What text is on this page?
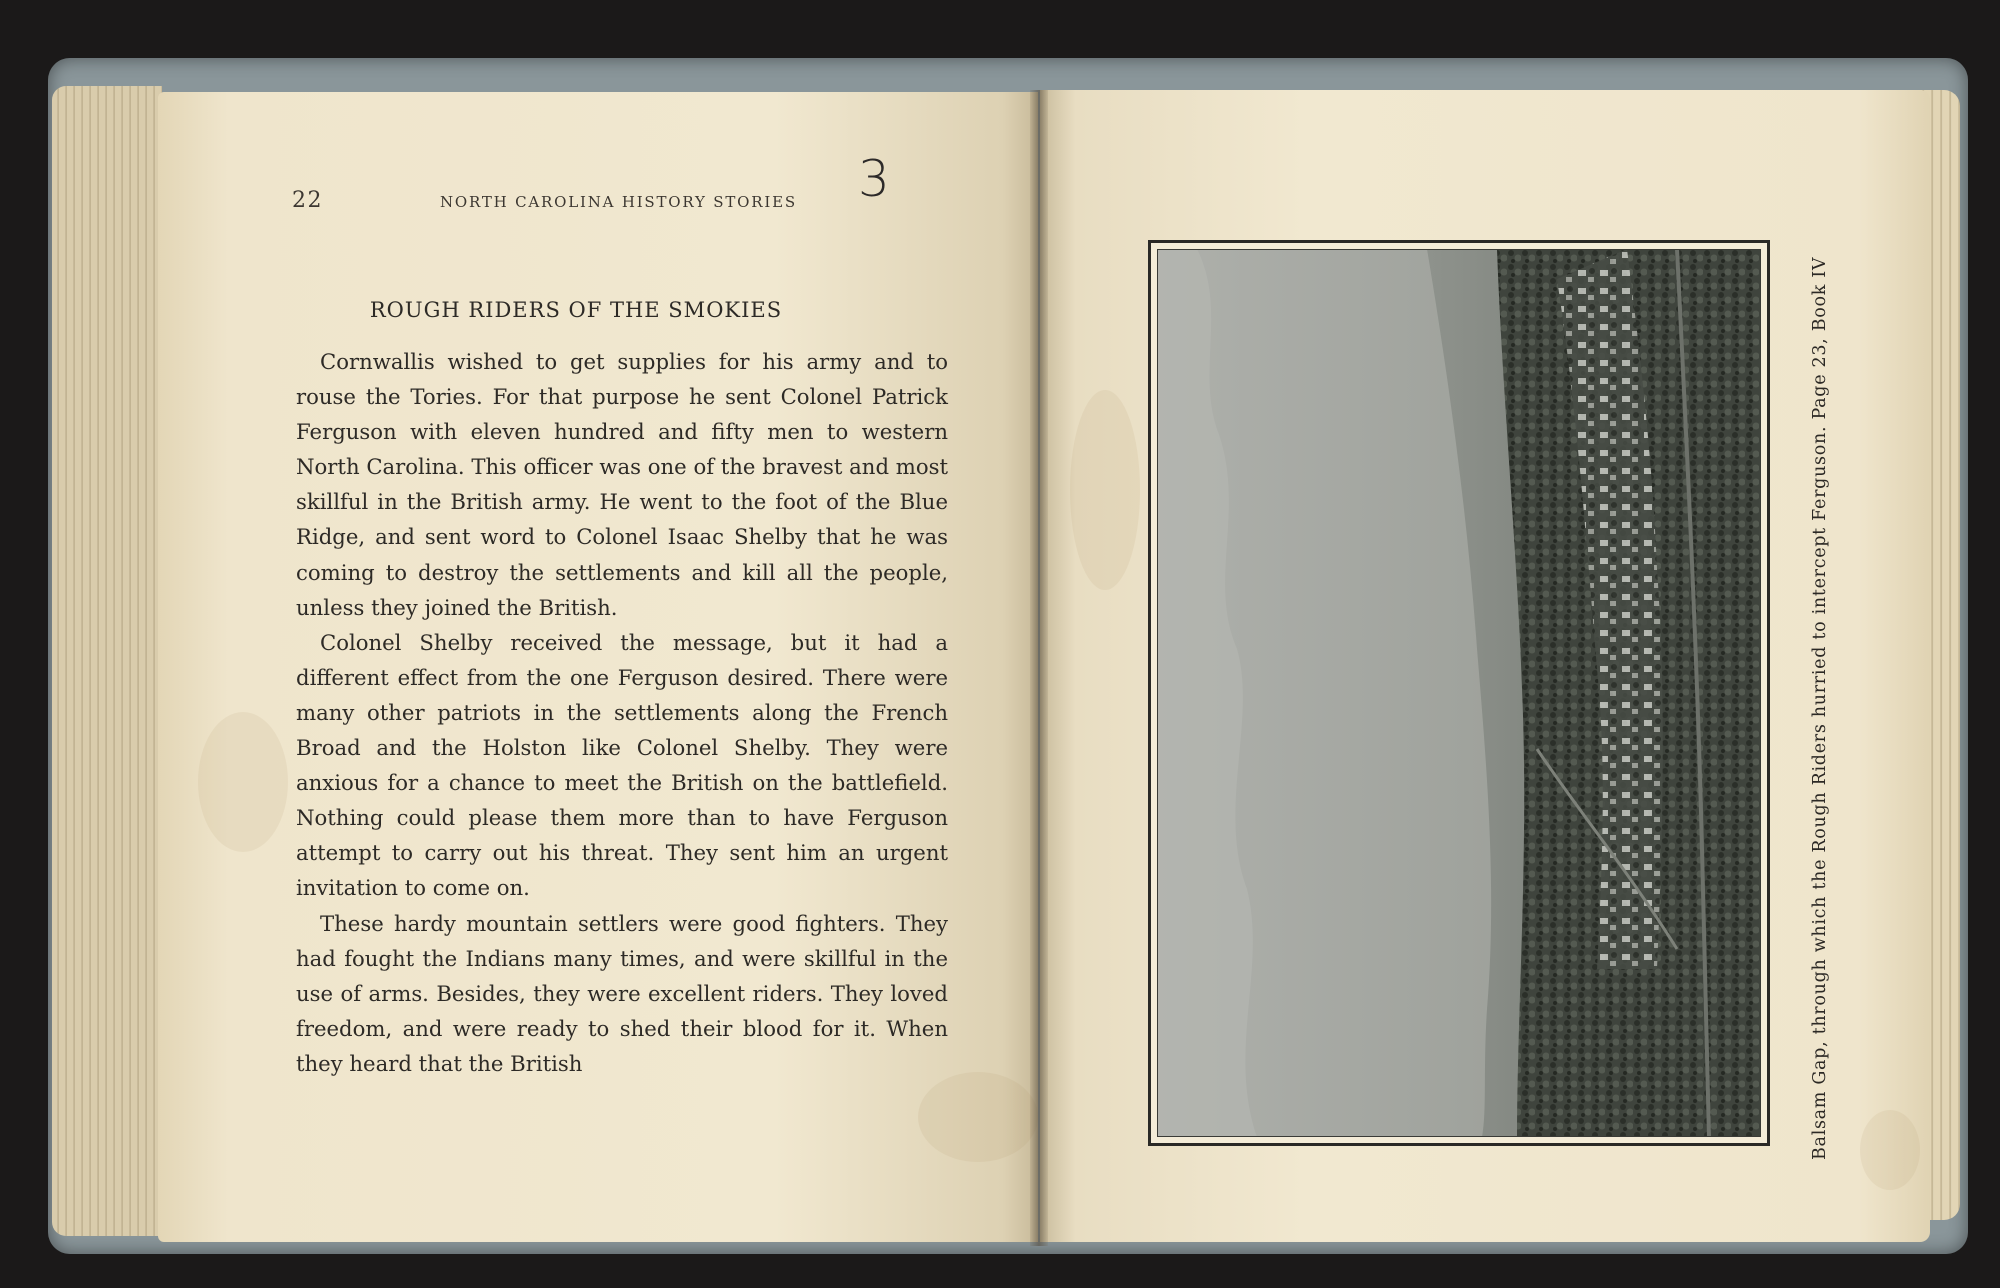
22	NORTH CAROLINA HISTORY STORIES 3
ROUGH RIDERS OF THE SMOKIES

Cornwallis wished to get supplies for his army and to rouse the Tories. For that purpose he sent Colonel Patrick Ferguson with eleven hundred and fifty men to western North Carolina. This officer was one of the bravest and most skillful in the British army. He went to the foot of the Blue Ridge, and sent word to Colonel Isaac Shelby that he was coming to destroy the settlements and kill all the people, unless they joined the British.

Colonel Shelby received the message, but it had a different effect from the one Ferguson desired. There were many other patriots in the settlements along the French Broad and the Holston like Colonel Shelby. They were anxious for a chance to meet the British on the battlefield. Nothing could please them more than to have Ferguson attempt to carry out his threat. They sent him an urgent invitation to come on.

These hardy mountain settlers were good fighters. They had fought the Indians many times, and were skillful in the use of arms. Besides, they were excellent riders. They loved freedom, and were ready to shed their blood for it. When they heard that the British	Balsam Gap, through which the Rough Riders hurried to intercept Ferguson. Page 23, Book IV
